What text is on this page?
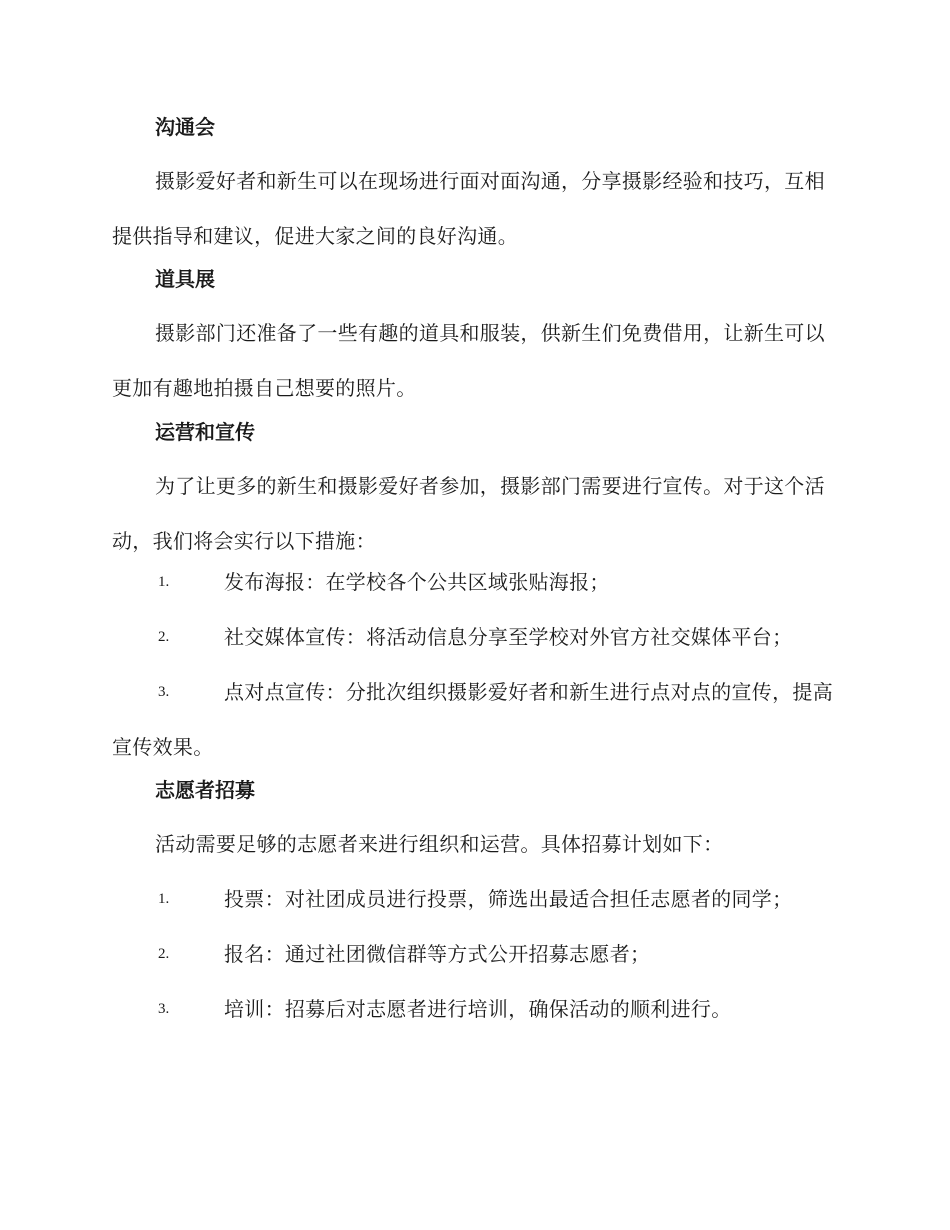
沟通会

摄影爱好者和新生可以在现场进行面对面沟通，分享摄影经验和技巧，互相提供指导和建议，促进大家之间的良好沟通。

道具展

摄影部门还准备了一些有趣的道具和服装，供新生们免费借用，让新生可以更加有趣地拍摄自己想要的照片。

运营和宣传

为了让更多的新生和摄影爱好者参加，摄影部门需要进行宣传。对于这个活动，我们将会实行以下措施：

1.	发布海报：在学校各个公共区域张贴海报；
2.	社交媒体宣传：将活动信息分享至学校对外官方社交媒体平台；
3.	点对点宣传：分批次组织摄影爱好者和新生进行点对点的宣传，提高宣传效果。
志愿者招募

活动需要足够的志愿者来进行组织和运营。具体招募计划如下：

1.	投票：对社团成员进行投票，筛选出最适合担任志愿者的同学；
2.	报名：通过社团微信群等方式公开招募志愿者；
3.	培训：招募后对志愿者进行培训，确保活动的顺利进行。
